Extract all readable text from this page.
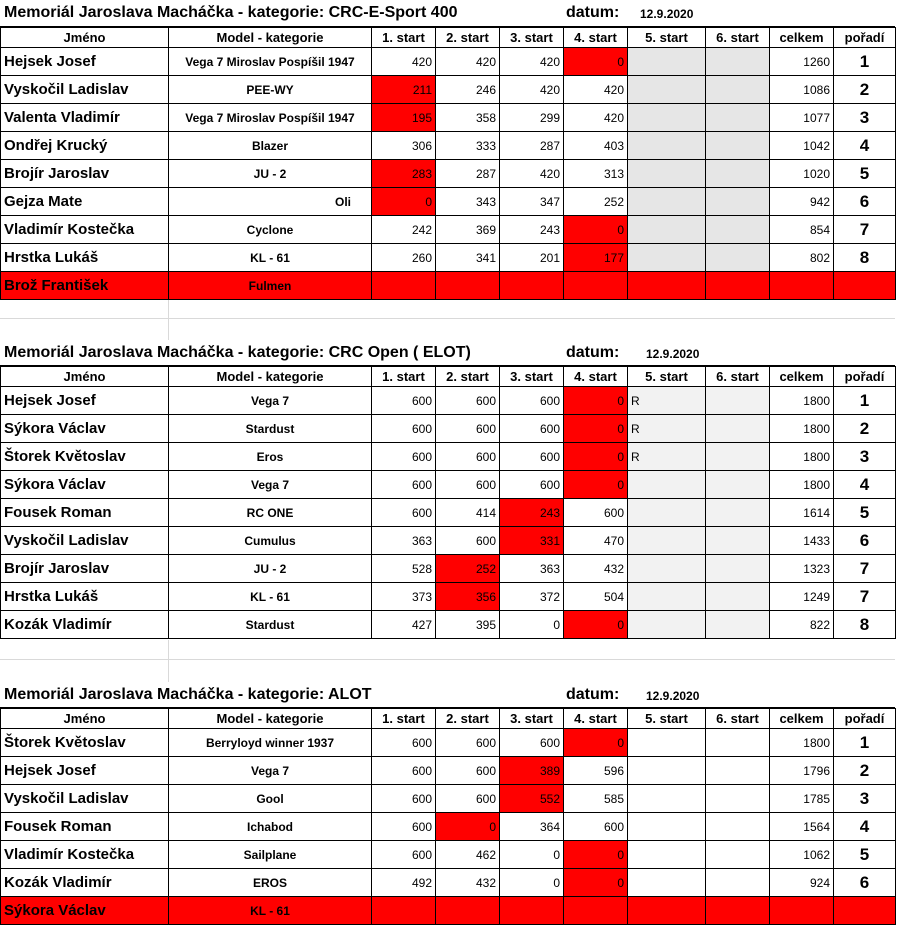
Memoriál Jaroslava Macháčka - kategorie: CRC-E-Sport 400	datum: 12.9.2020
Jméno	Model - kategorie	1. start	2. start	3. start	4. start	5. start	6. start	celkem	pořadí
Hejsek Josef	Vega 7 Miroslav Pospíšil 1947	420	420	420	0			1260	1
Vyskočil Ladislav	PEE-WY	211	246	420	420			1086	2
Valenta Vladimír	Vega 7 Miroslav Pospíšil 1947	195	358	299	420			1077	3
Ondřej Krucký	Blazer	306	333	287	403			1042	4
Brojír Jaroslav	JU - 2	283	287	420	313			1020	5
Gejza Mate	Oli	0	343	347	252			942	6
Vladimír Kostečka	Cyclone	242	369	243	0			854	7
Hrstka Lukáš	KL - 61	260	341	201	177			802	8
Brož František	Fulmen								
Memoriál Jaroslava Macháčka - kategorie: CRC Open ( ELOT)	datum: 12.9.2020
Jméno	Model - kategorie	1. start	2. start	3. start	4. start	5. start	6. start	celkem	pořadí
Hejsek Josef	Vega 7	600	600	600	0	R		1800	1
Sýkora Václav	Stardust	600	600	600	0	R		1800	2
Štorek Květoslav	Eros	600	600	600	0	R		1800	3
Sýkora Václav	Vega 7	600	600	600	0			1800	4
Fousek Roman	RC ONE	600	414	243	600			1614	5
Vyskočil Ladislav	Cumulus	363	600	331	470			1433	6
Brojír Jaroslav	JU - 2	528	252	363	432			1323	7
Hrstka Lukáš	KL - 61	373	356	372	504			1249	7
Kozák Vladimír	Stardust	427	395	0	0			822	8
Memoriál Jaroslava Macháčka - kategorie: ALOT	datum: 12.9.2020
Jméno	Model - kategorie	1. start	2. start	3. start	4. start	5. start	6. start	celkem	pořadí
Štorek Květoslav	Berryloyd winner 1937	600	600	600	0			1800	1
Hejsek Josef	Vega 7	600	600	389	596			1796	2
Vyskočil Ladislav	Gool	600	600	552	585			1785	3
Fousek Roman	Ichabod	600	0	364	600			1564	4
Vladimír Kostečka	Sailplane	600	462	0	0			1062	5
Kozák Vladimír	EROS	492	432	0	0			924	6
Sýkora Václav	KL - 61								
